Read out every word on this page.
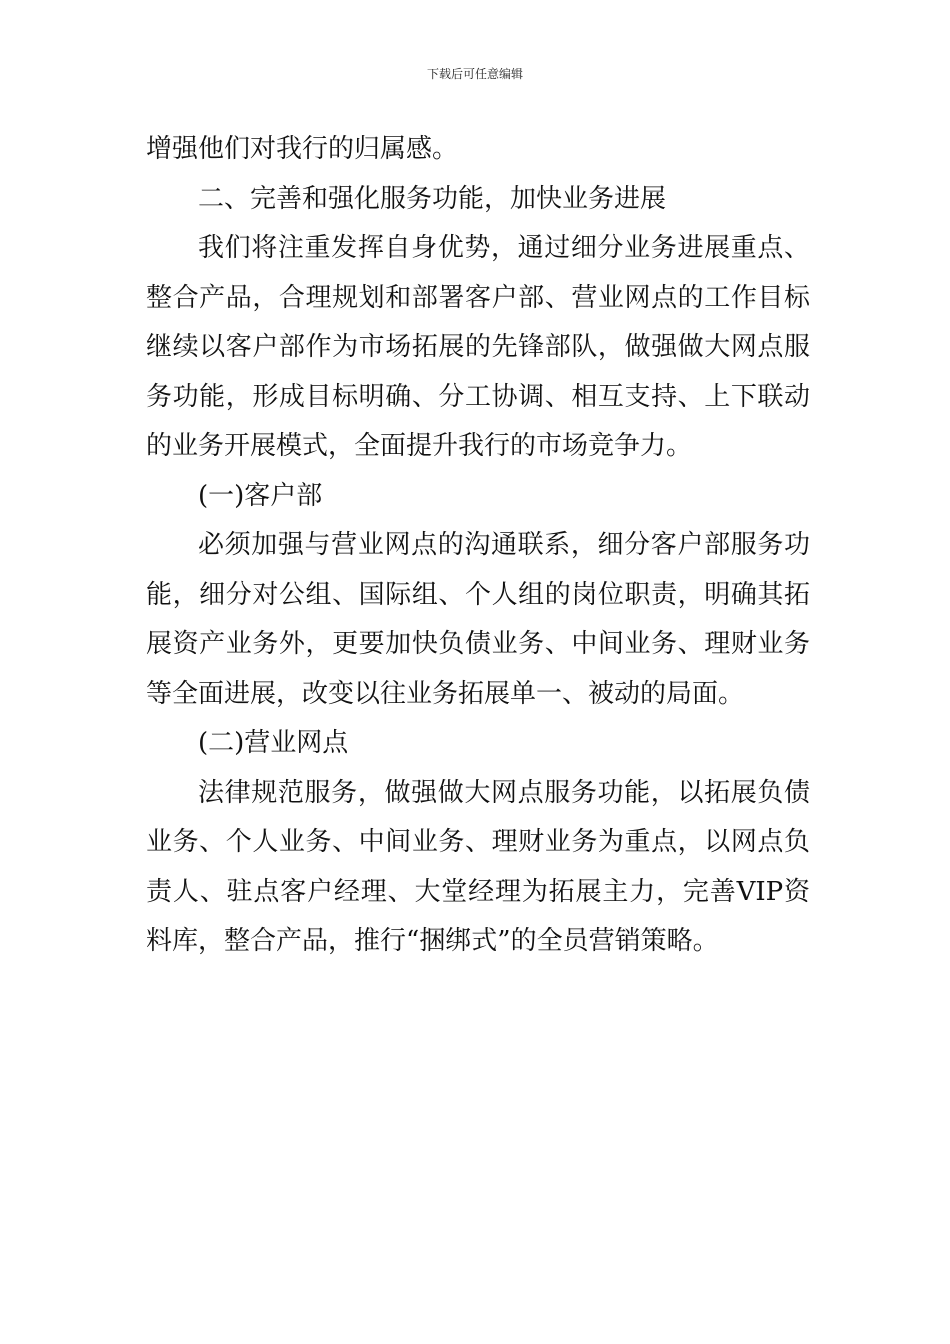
下载后可任意编辑

增强他们对我行的归属感。

二、完善和强化服务功能，加快业务进展

我们将注重发挥自身优势，通过细分业务进展重点、整合产品，合理规划和部署客户部、营业网点的工作目标继续以客户部作为市场拓展的先锋部队，做强做大网点服务功能，形成目标明确、分工协调、相互支持、上下联动的业务开展模式，全面提升我行的市场竞争力。

(一)客户部

必须加强与营业网点的沟通联系，细分客户部服务功能，细分对公组、国际组、个人组的岗位职责，明确其拓展资产业务外，更要加快负债业务、中间业务、理财业务等全面进展，改变以往业务拓展单一、被动的局面。

(二)营业网点

法律规范服务，做强做大网点服务功能，以拓展负债业务、个人业务、中间业务、理财业务为重点，以网点负责人、驻点客户经理、大堂经理为拓展主力，完善VIP资料库，整合产品，推行“捆绑式”的全员营销策略。
